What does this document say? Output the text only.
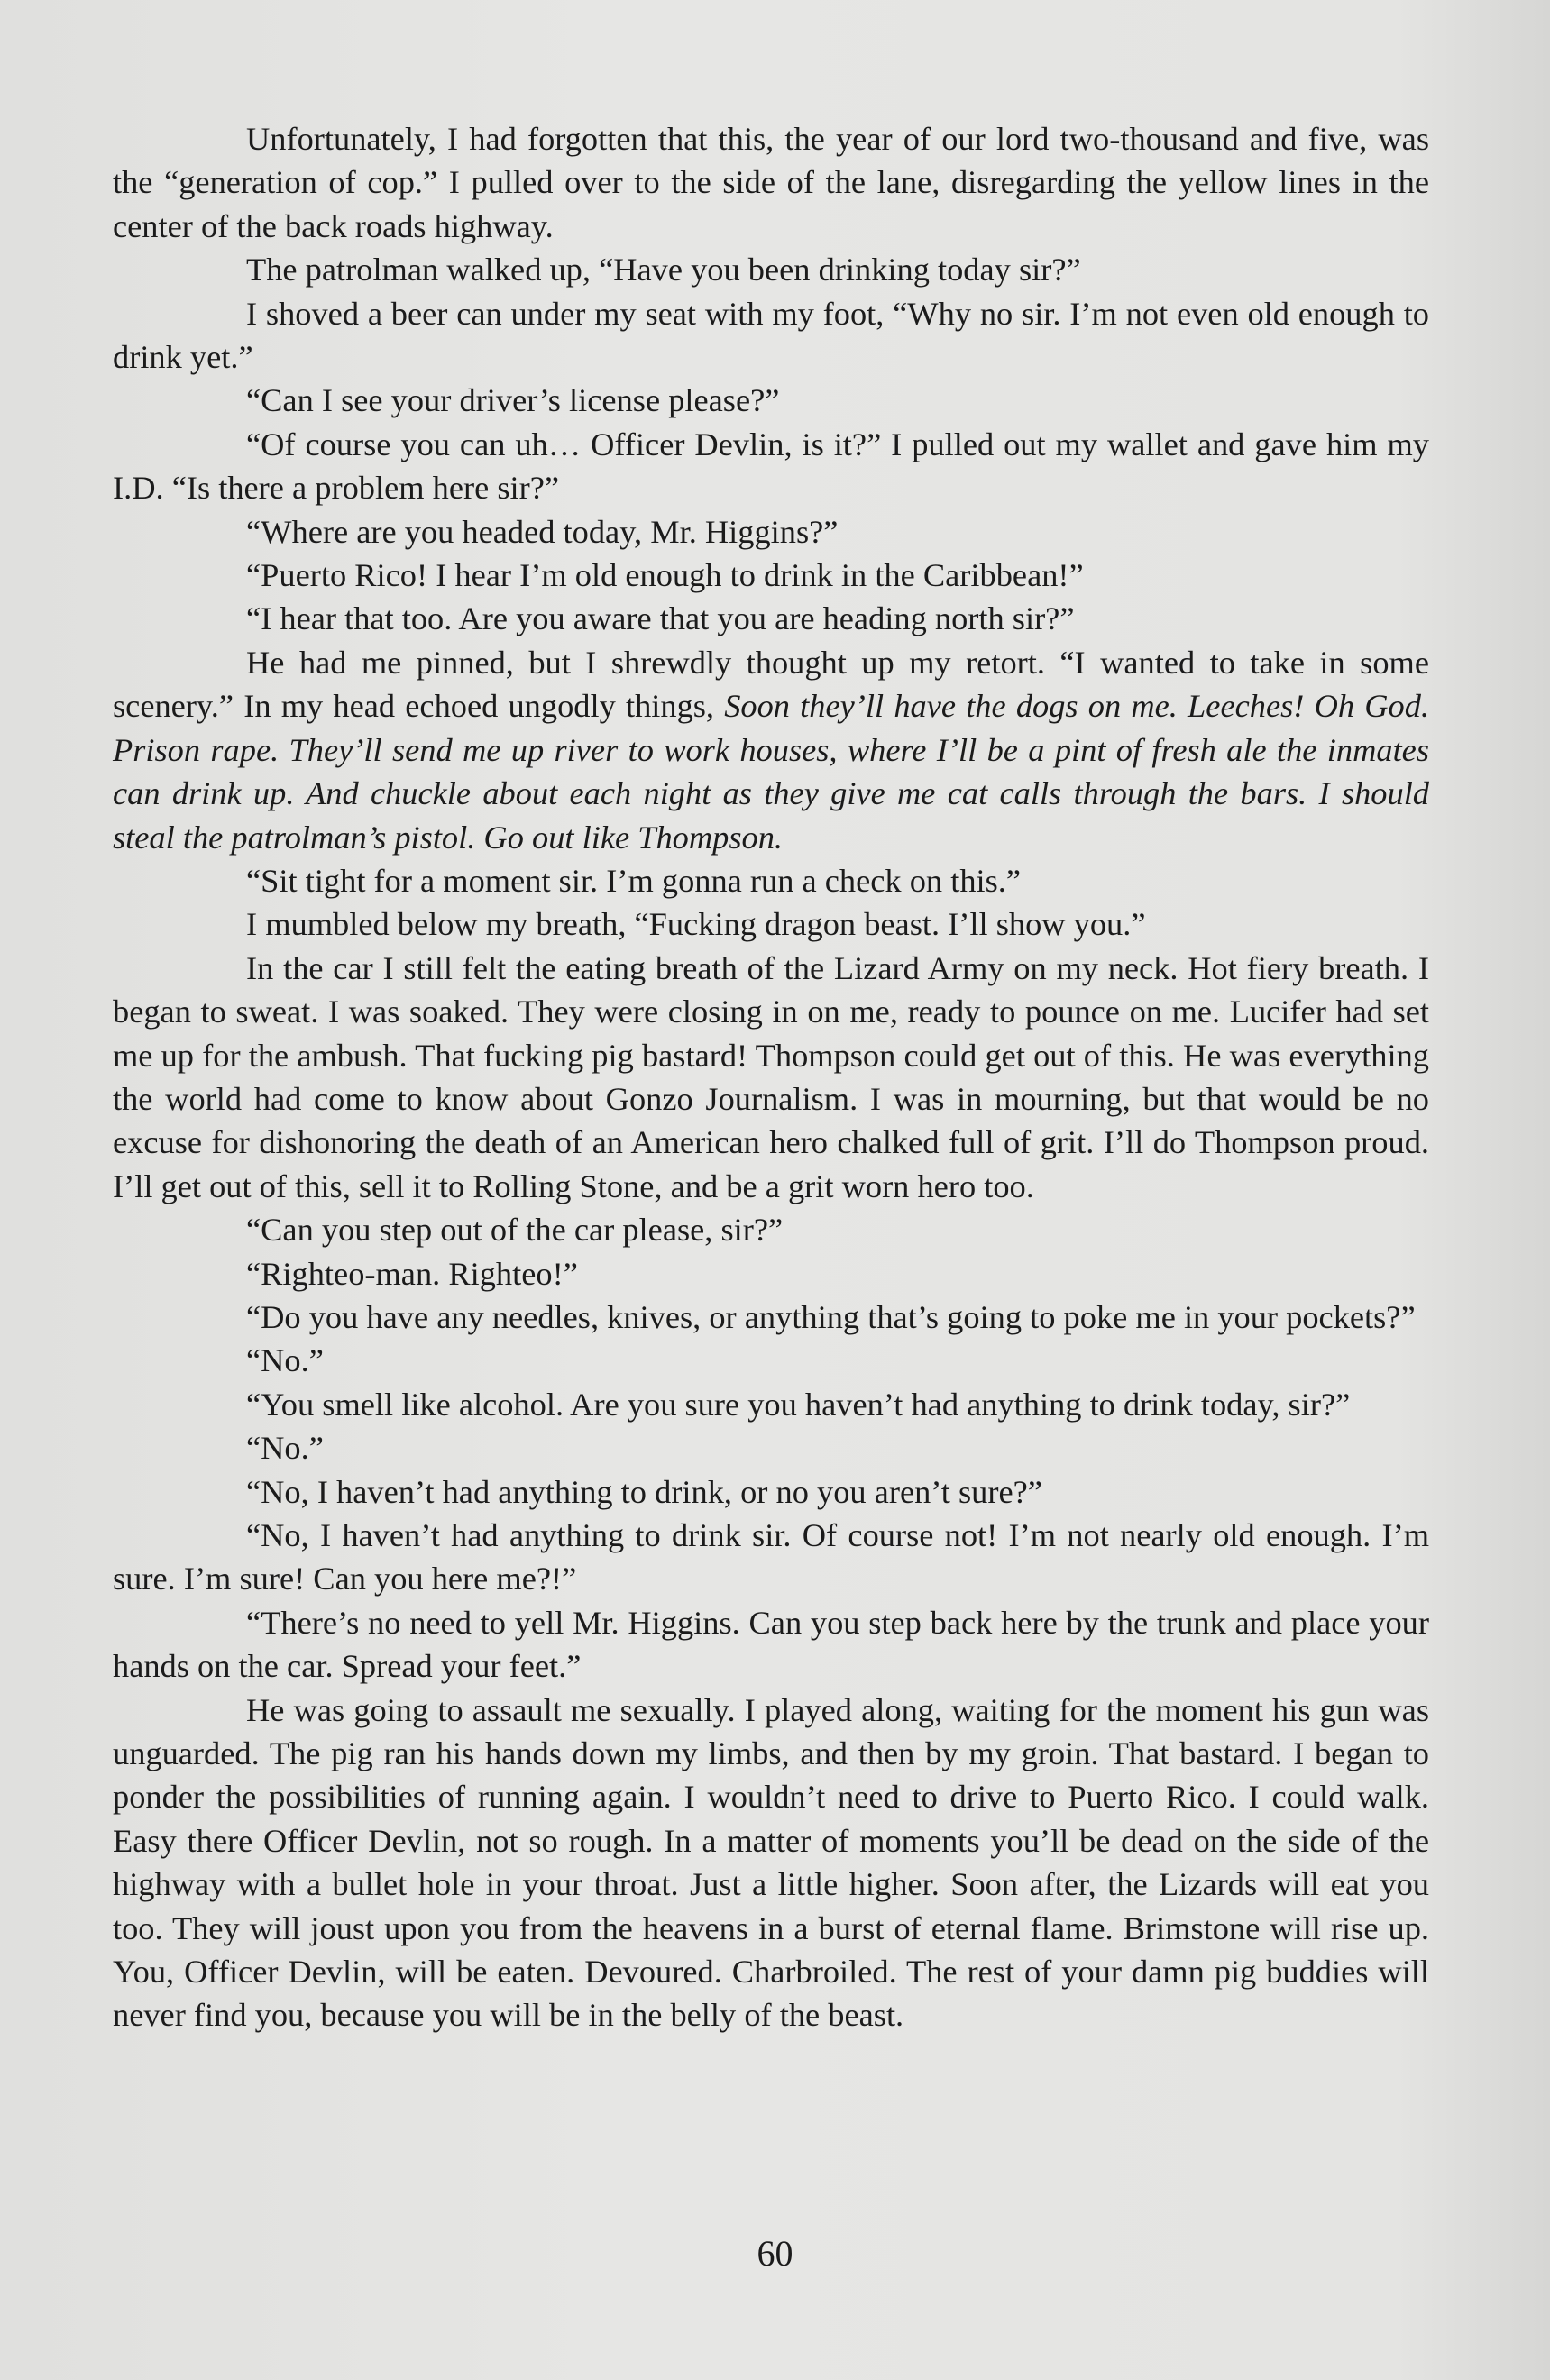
Unfortunately, I had forgotten that this, the year of our lord two-thousand and five, was the “generation of cop.” I pulled over to the side of the lane, disregarding the yellow lines in the center of the back roads highway.

The patrolman walked up, “Have you been drinking today sir?”

I shoved a beer can under my seat with my foot, “Why no sir. I’m not even old enough to drink yet.”

“Can I see your driver’s license please?”

“Of course you can uh… Officer Devlin, is it?” I pulled out my wallet and gave him my I.D. “Is there a problem here sir?”

“Where are you headed today, Mr. Higgins?”

“Puerto Rico! I hear I’m old enough to drink in the Caribbean!”

“I hear that too. Are you aware that you are heading north sir?”

He had me pinned, but I shrewdly thought up my retort. “I wanted to take in some scenery.” In my head echoed ungodly things, Soon they’ll have the dogs on me. Leeches! Oh God. Prison rape. They’ll send me up river to work houses, where I’ll be a pint of fresh ale the inmates can drink up. And chuckle about each night as they give me cat calls through the bars. I should steal the patrolman’s pistol. Go out like Thompson.

“Sit tight for a moment sir. I’m gonna run a check on this.”

I mumbled below my breath, “Fucking dragon beast. I’ll show you.”

In the car I still felt the eating breath of the Lizard Army on my neck. Hot fiery breath. I began to sweat. I was soaked. They were closing in on me, ready to pounce on me. Lucifer had set me up for the ambush. That fucking pig bastard! Thompson could get out of this. He was everything the world had come to know about Gonzo Journalism. I was in mourning, but that would be no excuse for dishonoring the death of an American hero chalked full of grit. I’ll do Thompson proud. I’ll get out of this, sell it to Rolling Stone, and be a grit worn hero too.

“Can you step out of the car please, sir?”

“Righteo-man. Righteo!”

“Do you have any needles, knives, or anything that’s going to poke me in your pockets?”

“No.”

“You smell like alcohol. Are you sure you haven’t had anything to drink today, sir?”

“No.”

“No, I haven’t had anything to drink, or no you aren’t sure?”

“No, I haven’t had anything to drink sir. Of course not! I’m not nearly old enough. I’m sure. I’m sure! Can you here me?!”

“There’s no need to yell Mr. Higgins. Can you step back here by the trunk and place your hands on the car. Spread your feet.”

He was going to assault me sexually. I played along, waiting for the moment his gun was unguarded. The pig ran his hands down my limbs, and then by my groin. That bastard. I began to ponder the possibilities of running again. I wouldn’t need to drive to Puerto Rico. I could walk. Easy there Officer Devlin, not so rough. In a matter of moments you’ll be dead on the side of the highway with a bullet hole in your throat. Just a little higher. Soon after, the Lizards will eat you too. They will joust upon you from the heavens in a burst of eternal flame. Brimstone will rise up. You, Officer Devlin, will be eaten. Devoured. Charbroiled. The rest of your damn pig buddies will never find you, because you will be in the belly of the beast.

60
